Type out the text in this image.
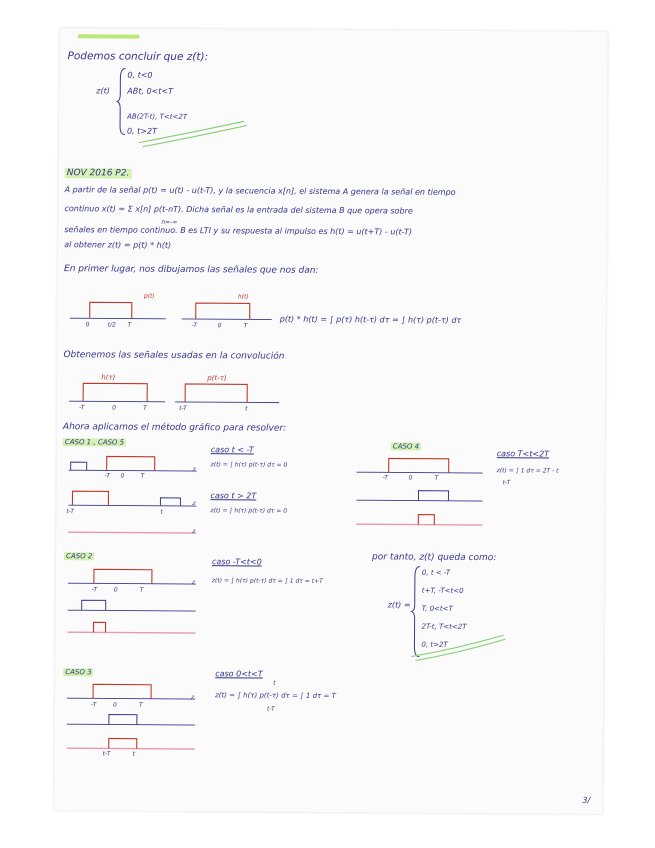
Podemos concluir que z(t):
z(t)
0, t<0
ABt, 0<t<T
AB(2T-t), T<t<2T
0, t>2T
NOV 2016 P2.
A partir de la señal p(t) = u(t) - u(t-T), y la secuencia x[n], el sistema A genera la señal en tiempo
continuo x(t) = Σ x[n] p(t-nT). Dicha señal es la entrada del sistema B que opera sobre
n=-∞
señales en tiempo continuo. B es LTI y su respuesta al impulso es h(t) = u(t+T) - u(t-T)
al obtener z(t) = p(t) * h(t)
En primer lugar, nos dibujamos las señales que nos dan:
p(t)
0	t/2 T
h(t)
-T	0	T
p(t) * h(t) = ∫ p(τ) h(t-τ) dτ = ∫ h(τ) p(t-τ) dτ
Obtenemos las señales usadas en la convolución
h(τ)
-T	0	T
p(t-τ)
t-T	t
Ahora aplicamos el método gráfico para resolver:
CASO 1 , CASO 5
z
-T 0	T
z
t-T	t
z
caso t < -T
z(t) = ∫ h(τ) p(t-τ) dτ = 0
caso t > 2T
z(t) = ∫ h(τ) p(t-τ) dτ = 0
CASO 2
z
-T	0	T
caso -T<t<0
z(t) = ∫ h(τ) p(t-τ) dτ = ∫ 1 dτ = t+T
CASO 3
z
-T	0	T
t-T	t
caso 0<t<T
t
z(t) = ∫ h(τ) p(t-τ) dτ = ∫ 1 dτ = T
t-T
CASO 4
-T	0	T
caso T<t<2T
z(t) = ∫ 1 dτ = 2T - t
t-T
por tanto, z(t) queda como:
z(t) =
0, t < -T
t+T, -T<t<0
T, 0<t<T
2T-t, T<t<2T
0, t>2T
3/
